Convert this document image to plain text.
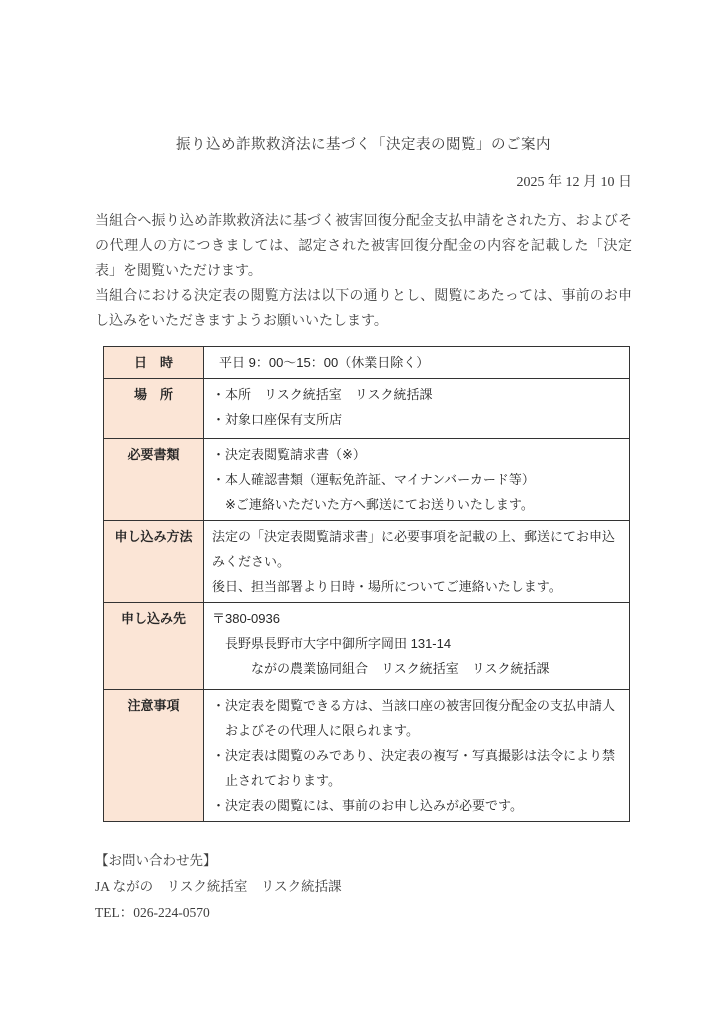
振り込め詐欺救済法に基づく「決定表の閲覧」のご案内
2025 年 12 月 10 日

当組合へ振り込め詐欺救済法に基づく被害回復分配金支払申請をされた方、およびその代理人の方につきましては、認定された被害回復分配金の内容を記載した「決定表」を閲覧いただけます。

当組合における決定表の閲覧方法は以下の通りとし、閲覧にあたっては、事前のお申し込みをいただきますようお願いいたします。

日　時	平日 9：00～15：00（休業日除く）

場　所	・本所　リスク統括室　リスク統括課
・対象口座保有支所店

必要書類	・決定表閲覧請求書（※）
・本人確認書類（運転免許証、マイナンバーカード等）
※ご連絡いただいた方へ郵送にてお送りいたします。

申し込み方法	法定の「決定表閲覧請求書」に必要事項を記載の上、郵送にてお申込みください。
後日、担当部署より日時・場所についてご連絡いたします。

申し込み先	〒380-0936
長野県長野市大字中御所字岡田 131-14
ながの農業協同組合　リスク統括室　リスク統括課

注意事項	・決定表を閲覧できる方は、当該口座の被害回復分配金の支払申請人およびその代理人に限られます。
・決定表は閲覧のみであり、決定表の複写・写真撮影は法令により禁止されております。
・決定表の閲覧には、事前のお申し込みが必要です。
【お問い合わせ先】
JA ながの　リスク統括室　リスク統括課
TEL：026-224-0570
